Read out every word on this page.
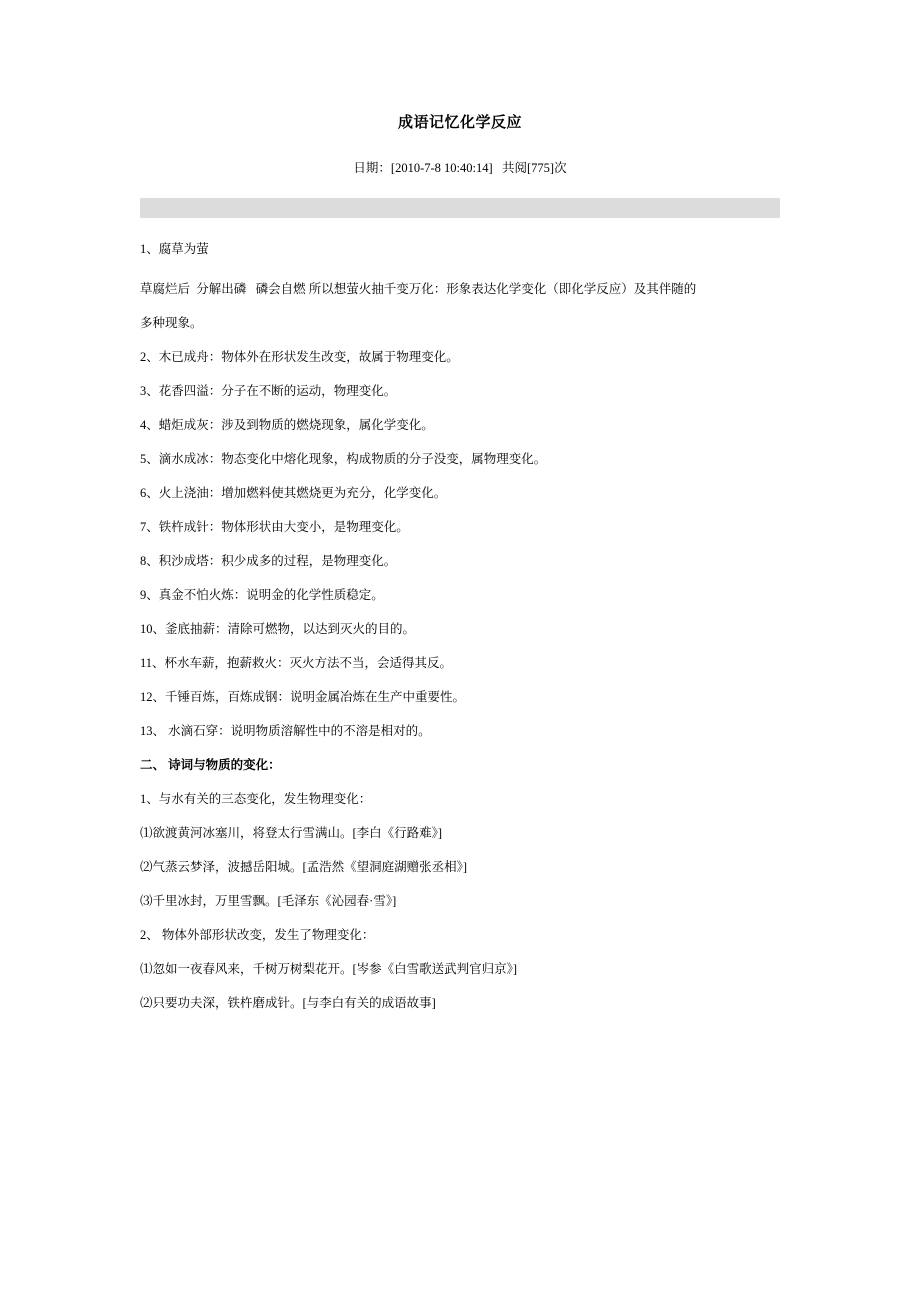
成语记忆化学反应
日期：[2010-7-8 10:40:14] 共阅[775]次

1、腐草为萤

草腐烂后  分解出磷   磷会自燃 所以想萤火抽千变万化：形象表达化学变化（即化学反应）及其伴随的

多种现象。

2、木已成舟：物体外在形状发生改变，故属于物理变化。

3、花香四溢：分子在不断的运动，物理变化。

4、蜡炬成灰：涉及到物质的燃烧现象，属化学变化。

5、滴水成冰：物态变化中熔化现象，构成物质的分子没变，属物理变化。

6、火上浇油：增加燃料使其燃烧更为充分，化学变化。

7、铁杵成针：物体形状由大变小，是物理变化。

8、积沙成塔：积少成多的过程，是物理变化。

9、真金不怕火炼：说明金的化学性质稳定。

10、釜底抽薪：清除可燃物，以达到灭火的目的。

11、杯水车薪，抱薪救火：灭火方法不当，会适得其反。

12、千锤百炼，百炼成钢：说明金属冶炼在生产中重要性。

13、 水滴石穿：说明物质溶解性中的不溶是相对的。

二、 诗词与物质的变化：

1、与水有关的三态变化，发生物理变化：

⑴欲渡黄河冰塞川，将登太行雪满山。[李白《行路难》]

⑵气蒸云梦泽，波撼岳阳城。[孟浩然《望洞庭湖赠张丞相》]

⑶千里冰封，万里雪飘。[毛泽东《沁园春·雪》]

2、 物体外部形状改变，发生了物理变化：

⑴忽如一夜春风来，千树万树梨花开。[岑参《白雪歌送武判官归京》]

⑵只要功夫深，铁杵磨成针。[与李白有关的成语故事]
